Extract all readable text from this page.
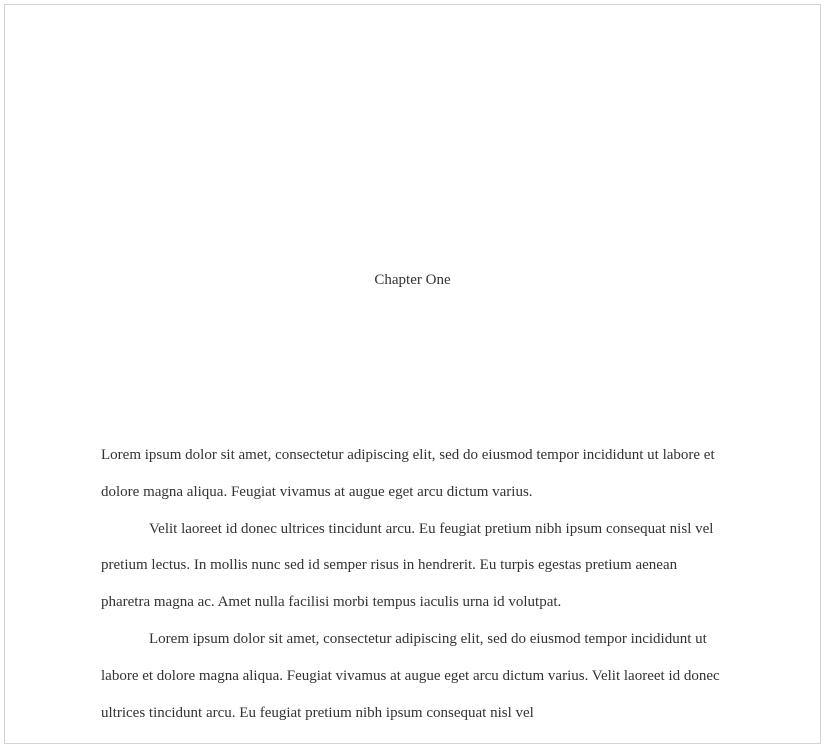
Chapter One

Lorem ipsum dolor sit amet, consectetur adipiscing elit, sed do eiusmod tempor incididunt ut labore et dolore magna aliqua. Feugiat vivamus at augue eget arcu dictum varius.

Velit laoreet id donec ultrices tincidunt arcu. Eu feugiat pretium nibh ipsum consequat nisl vel pretium lectus. In mollis nunc sed id semper risus in hendrerit. Eu turpis egestas pretium aenean pharetra magna ac. Amet nulla facilisi morbi tempus iaculis urna id volutpat.

Lorem ipsum dolor sit amet, consectetur adipiscing elit, sed do eiusmod tempor incididunt ut labore et dolore magna aliqua. Feugiat vivamus at augue eget arcu dictum varius. Velit laoreet id donec ultrices tincidunt arcu. Eu feugiat pretium nibh ipsum consequat nisl vel
